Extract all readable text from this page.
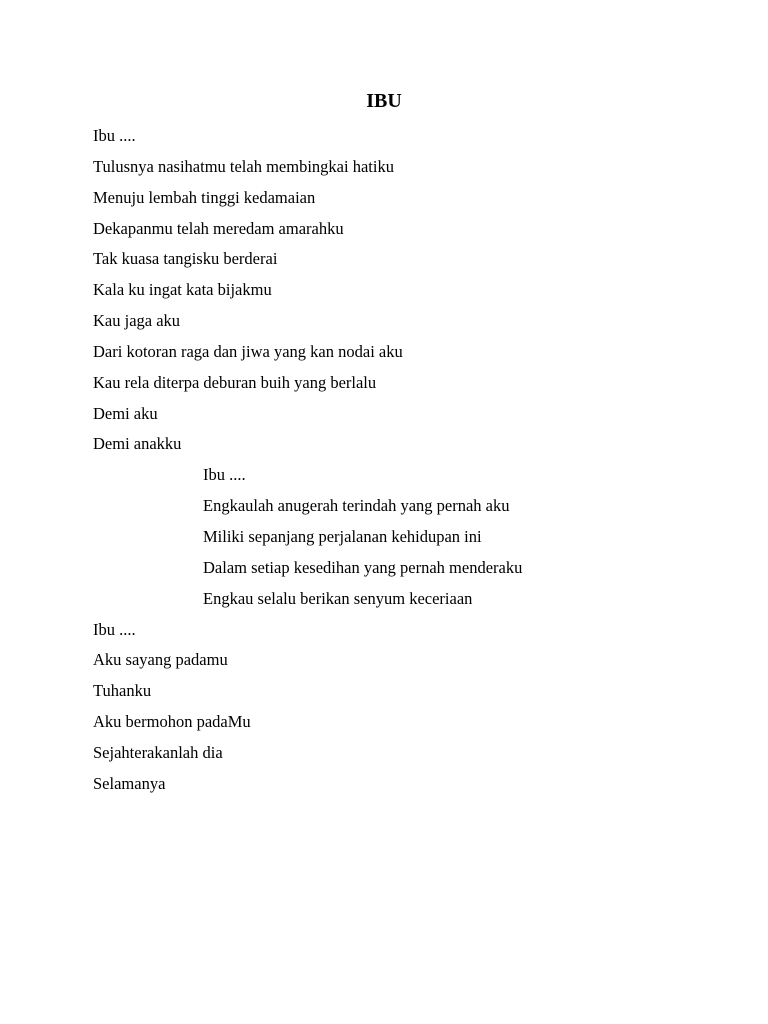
IBU
Ibu ....
Tulusnya nasihatmu telah membingkai hatiku
Menuju lembah tinggi kedamaian
Dekapanmu telah meredam amarahku
Tak kuasa tangisku berderai
Kala ku ingat kata bijakmu
Kau jaga aku
Dari kotoran raga dan jiwa yang kan nodai aku
Kau rela diterpa deburan buih yang berlalu
Demi aku
Demi anakku
Ibu ....
Engkaulah anugerah terindah yang pernah aku
Miliki sepanjang perjalanan kehidupan ini
Dalam setiap kesedihan yang pernah menderaku
Engkau selalu berikan senyum keceriaan
Ibu ....
Aku sayang padamu
Tuhanku
Aku bermohon padaMu
Sejahterakanlah dia
Selamanya
